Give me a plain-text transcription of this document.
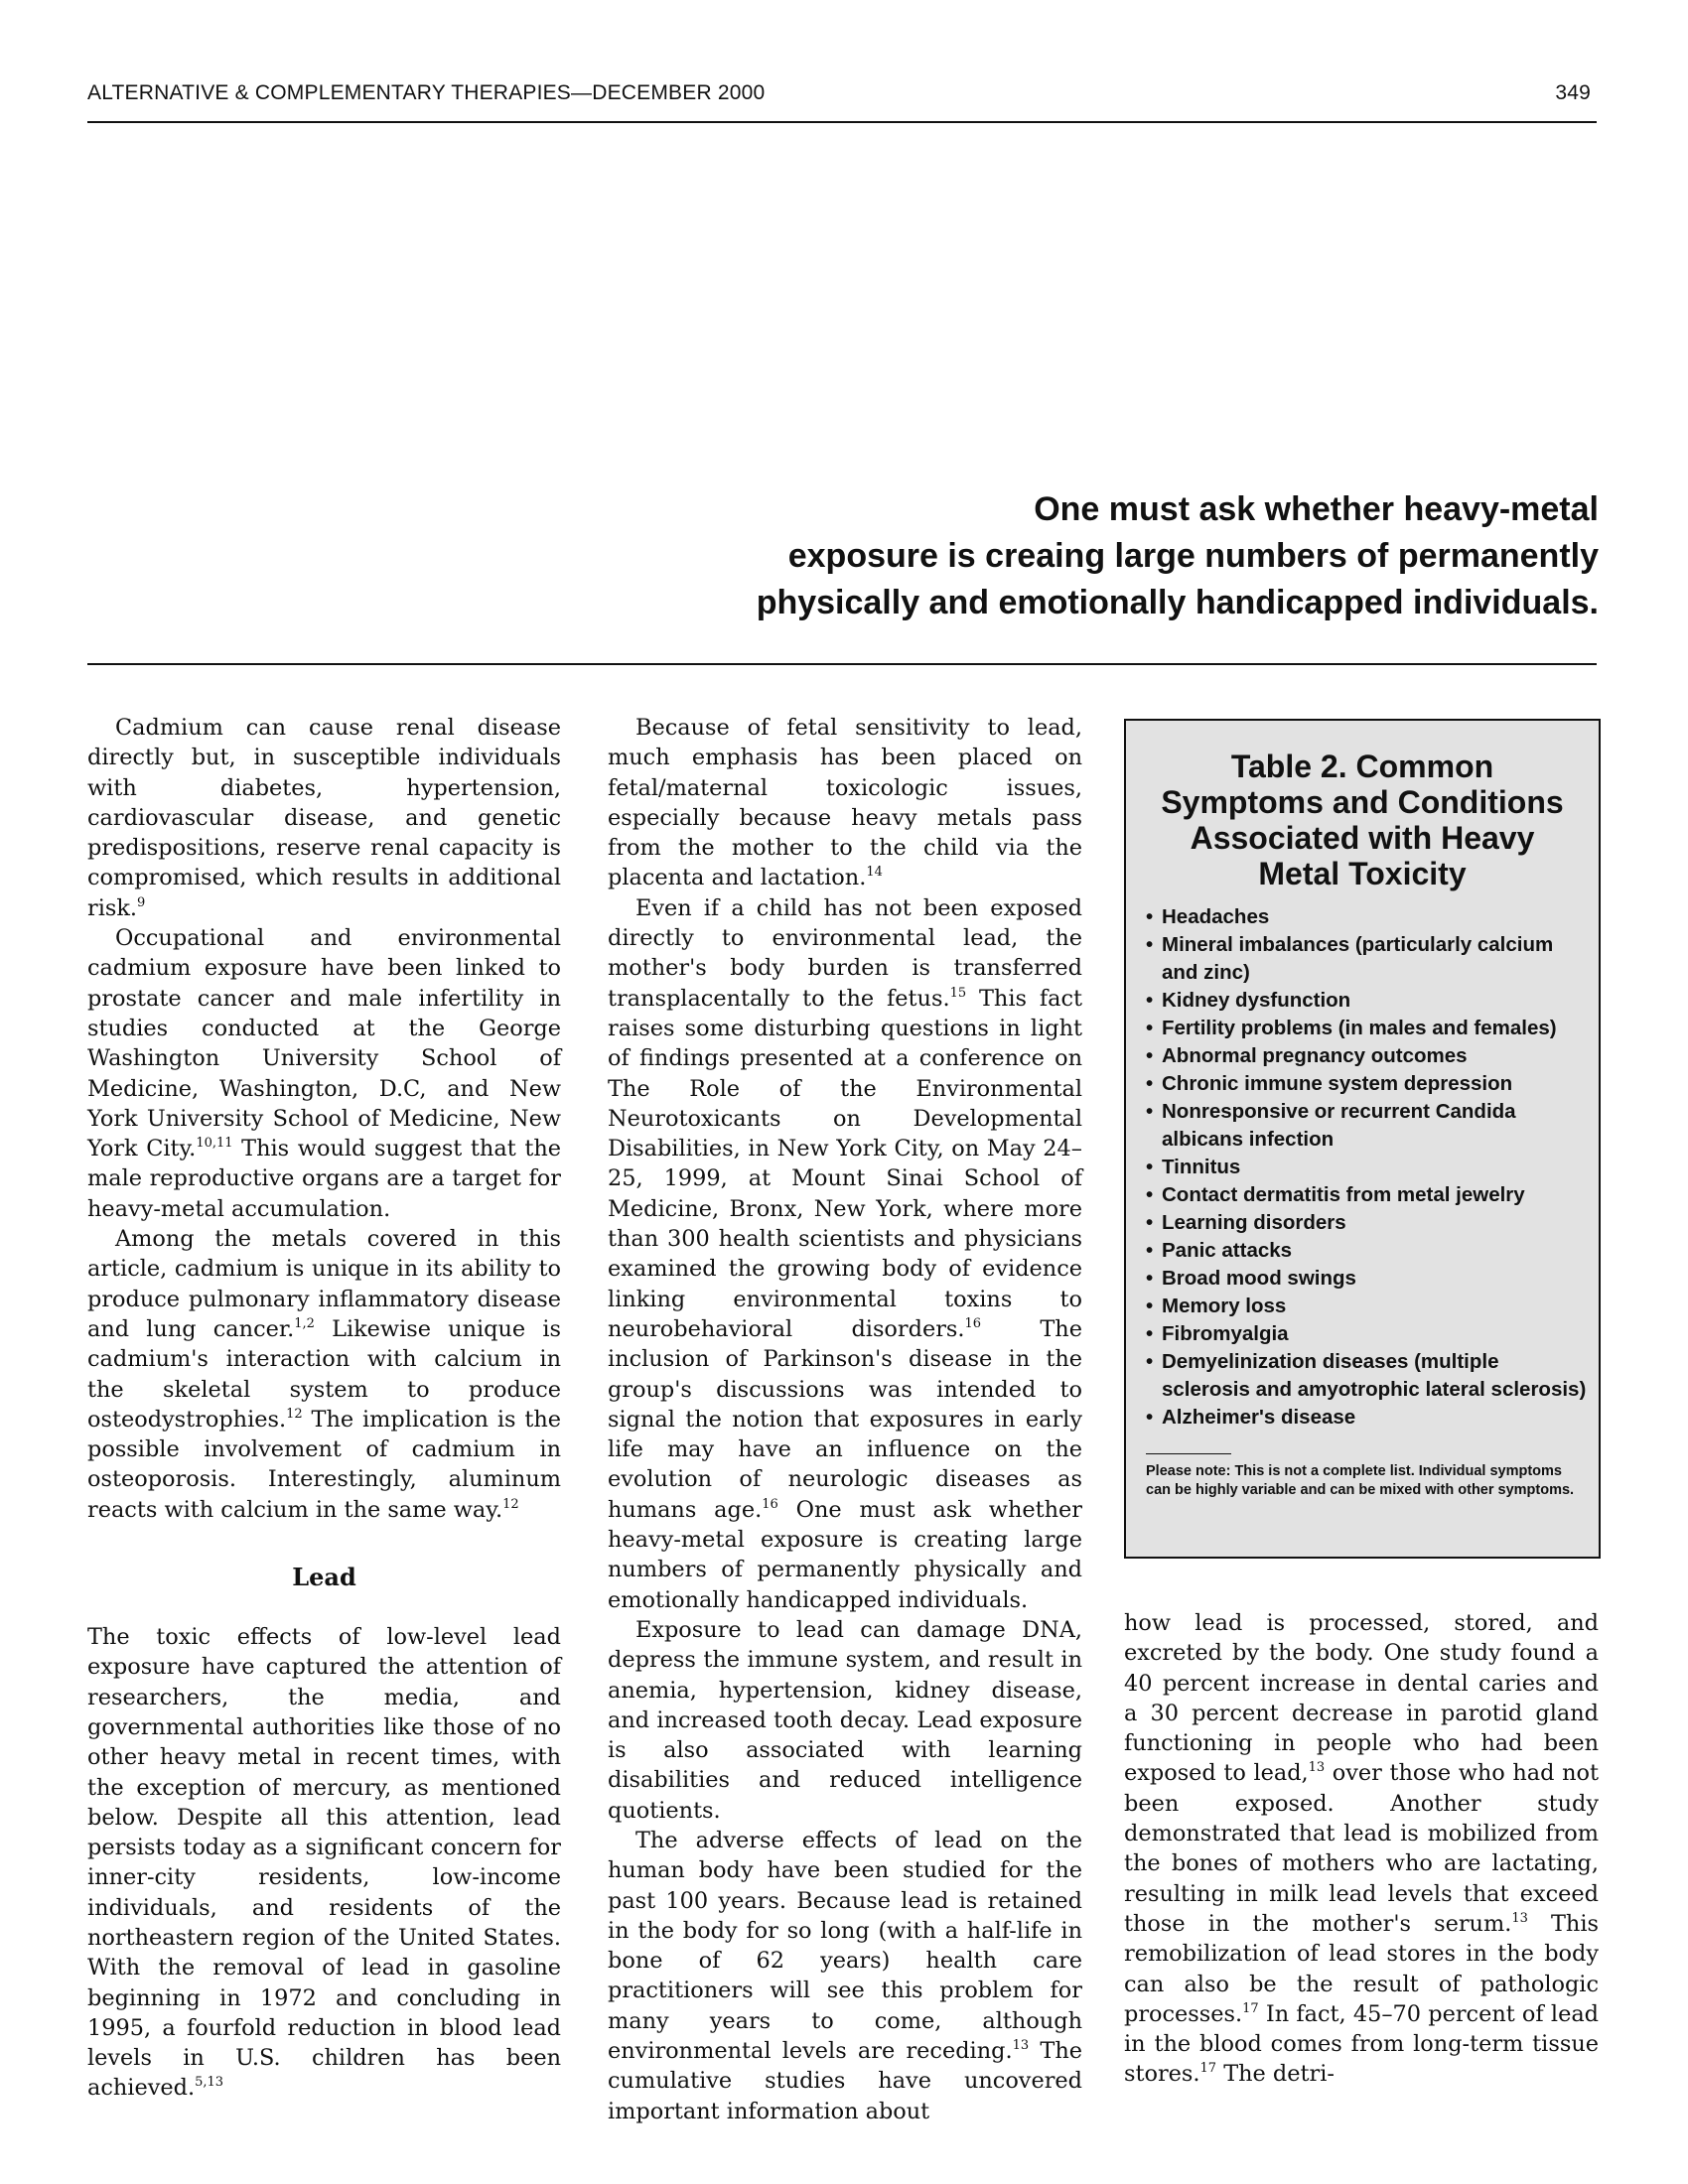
ALTERNATIVE & COMPLEMENTARY THERAPIES—DECEMBER 2000	349
One must ask whether heavy-metal
exposure is creaing large numbers of permanently
physically and emotionally handicapped individuals.

Cadmium can cause renal disease directly but, in susceptible individuals with diabetes, hypertension, cardiovascular disease, and genetic predispositions, reserve renal capacity is compromised, which results in additional risk.$^9$

Occupational and environmental cadmium exposure have been linked to prostate cancer and male infertility in studies conducted at the George Washington University School of Medicine, Washington, D.C, and New York University School of Medicine, New York City.$^{10,11}$ This would suggest that the male reproductive organs are a target for heavy-metal accumulation.

Among the metals covered in this article, cadmium is unique in its ability to produce pulmonary inflammatory disease and lung cancer.$^{1,2}$ Likewise unique is cadmium's interaction with calcium in the skeletal system to produce osteodystrophies.$^{12}$ The implication is the possible involvement of cadmium in osteoporosis. Interestingly, aluminum reacts with calcium in the same way.$^{12}$

Lead

The toxic effects of low-level lead exposure have captured the attention of researchers, the media, and governmental authorities like those of no other heavy metal in recent times, with the exception of mercury, as mentioned below. Despite all this attention, lead persists today as a significant concern for inner-city residents, low-income individuals, and residents of the northeastern region of the United States. With the removal of lead in gasoline beginning in 1972 and concluding in 1995, a fourfold reduction in blood lead levels in U.S. children has been achieved.$^{5,13}$

Because of fetal sensitivity to lead, much emphasis has been placed on fetal/maternal toxicologic issues, especially because heavy metals pass from the mother to the child via the placenta and lactation.$^{14}$

Even if a child has not been exposed directly to environmental lead, the mother's body burden is transferred transplacentally to the fetus.$^{15}$ This fact raises some disturbing questions in light of findings presented at a conference on The Role of the Environmental Neurotoxicants on Developmental Disabilities, in New York City, on May 24–25, 1999, at Mount Sinai School of Medicine, Bronx, New York, where more than 300 health scientists and physicians examined the growing body of evidence linking environmental toxins to neurobehavioral disorders.$^{16}$ The inclusion of Parkinson's disease in the group's discussions was intended to signal the notion that exposures in early life may have an influence on the evolution of neurologic diseases as humans age.$^{16}$ One must ask whether heavy-metal exposure is creating large numbers of permanently physically and emotionally handicapped individuals.

Exposure to lead can damage DNA, depress the immune system, and result in anemia, hypertension, kidney disease, and increased tooth decay. Lead exposure is also associated with learning disabilities and reduced intelligence quotients.

The adverse effects of lead on the human body have been studied for the past 100 years. Because lead is retained in the body for so long (with a half-life in bone of 62 years) health care practitioners will see this problem for many years to come, although environmental levels are receding.$^{13}$ The cumulative studies have uncovered important information about

Table 2. Common
Symptoms and Conditions
Associated with Heavy
Metal Toxicity
• Headaches
• Mineral imbalances (particularly calcium and zinc)
• Kidney dysfunction
• Fertility problems (in males and females)
• Abnormal pregnancy outcomes
• Chronic immune system depression
• Nonresponsive or recurrent Candida albicans infection
• Tinnitus
• Contact dermatitis from metal jewelry
• Learning disorders
• Panic attacks
• Broad mood swings
• Memory loss
• Fibromyalgia
• Demyelinization diseases (multiple sclerosis and amyotrophic lateral sclerosis)
• Alzheimer's disease
Please note: This is not a complete list. Individual symptoms can be highly variable and can be mixed with other symptoms.

how lead is processed, stored, and excreted by the body. One study found a 40 percent increase in dental caries and a 30 percent decrease in parotid gland functioning in people who had been exposed to lead,$^{13}$ over those who had not been exposed. Another study demonstrated that lead is mobilized from the bones of mothers who are lactating, resulting in milk lead levels that exceed those in the mother's serum.$^{13}$ This remobilization of lead stores in the body can also be the result of pathologic processes.$^{17}$ In fact, 45–70 percent of lead in the blood comes from long-term tissue stores.$^{17}$ The detri-
